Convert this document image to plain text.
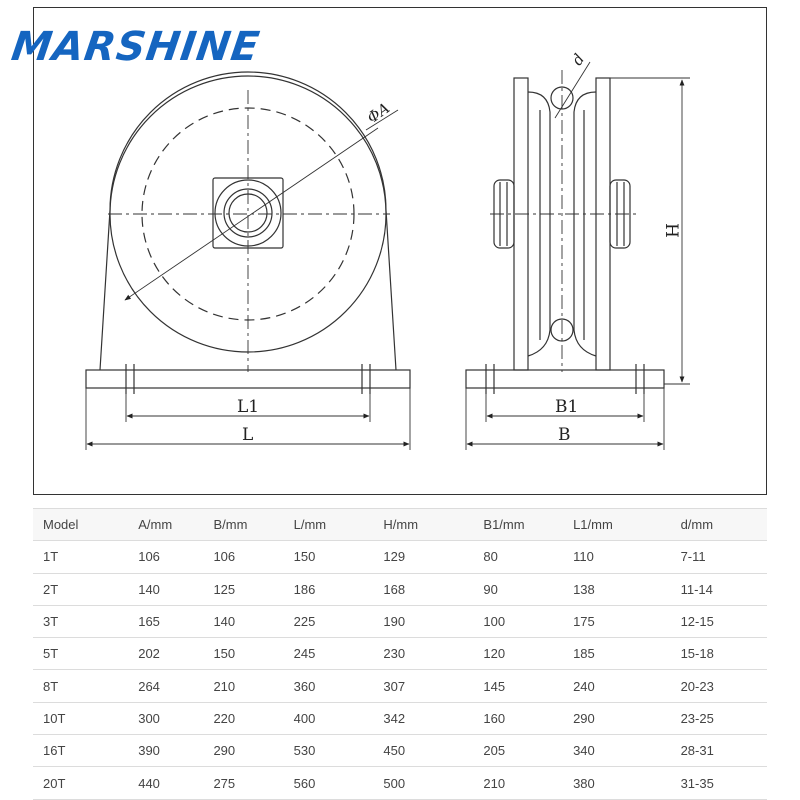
MARSHINE
ΦA
L1
L
d
H
B1
B
Model	A/mm	B/mm	L/mm	H/mm	B1/mm	L1/mm	d/mm
1T	106	106	150	129	80	110	7-11
2T	140	125	186	168	90	138	11-14
3T	165	140	225	190	100	175	12-15
5T	202	150	245	230	120	185	15-18
8T	264	210	360	307	145	240	20-23
10T	300	220	400	342	160	290	23-25
16T	390	290	530	450	205	340	28-31
20T	440	275	560	500	210	380	31-35
